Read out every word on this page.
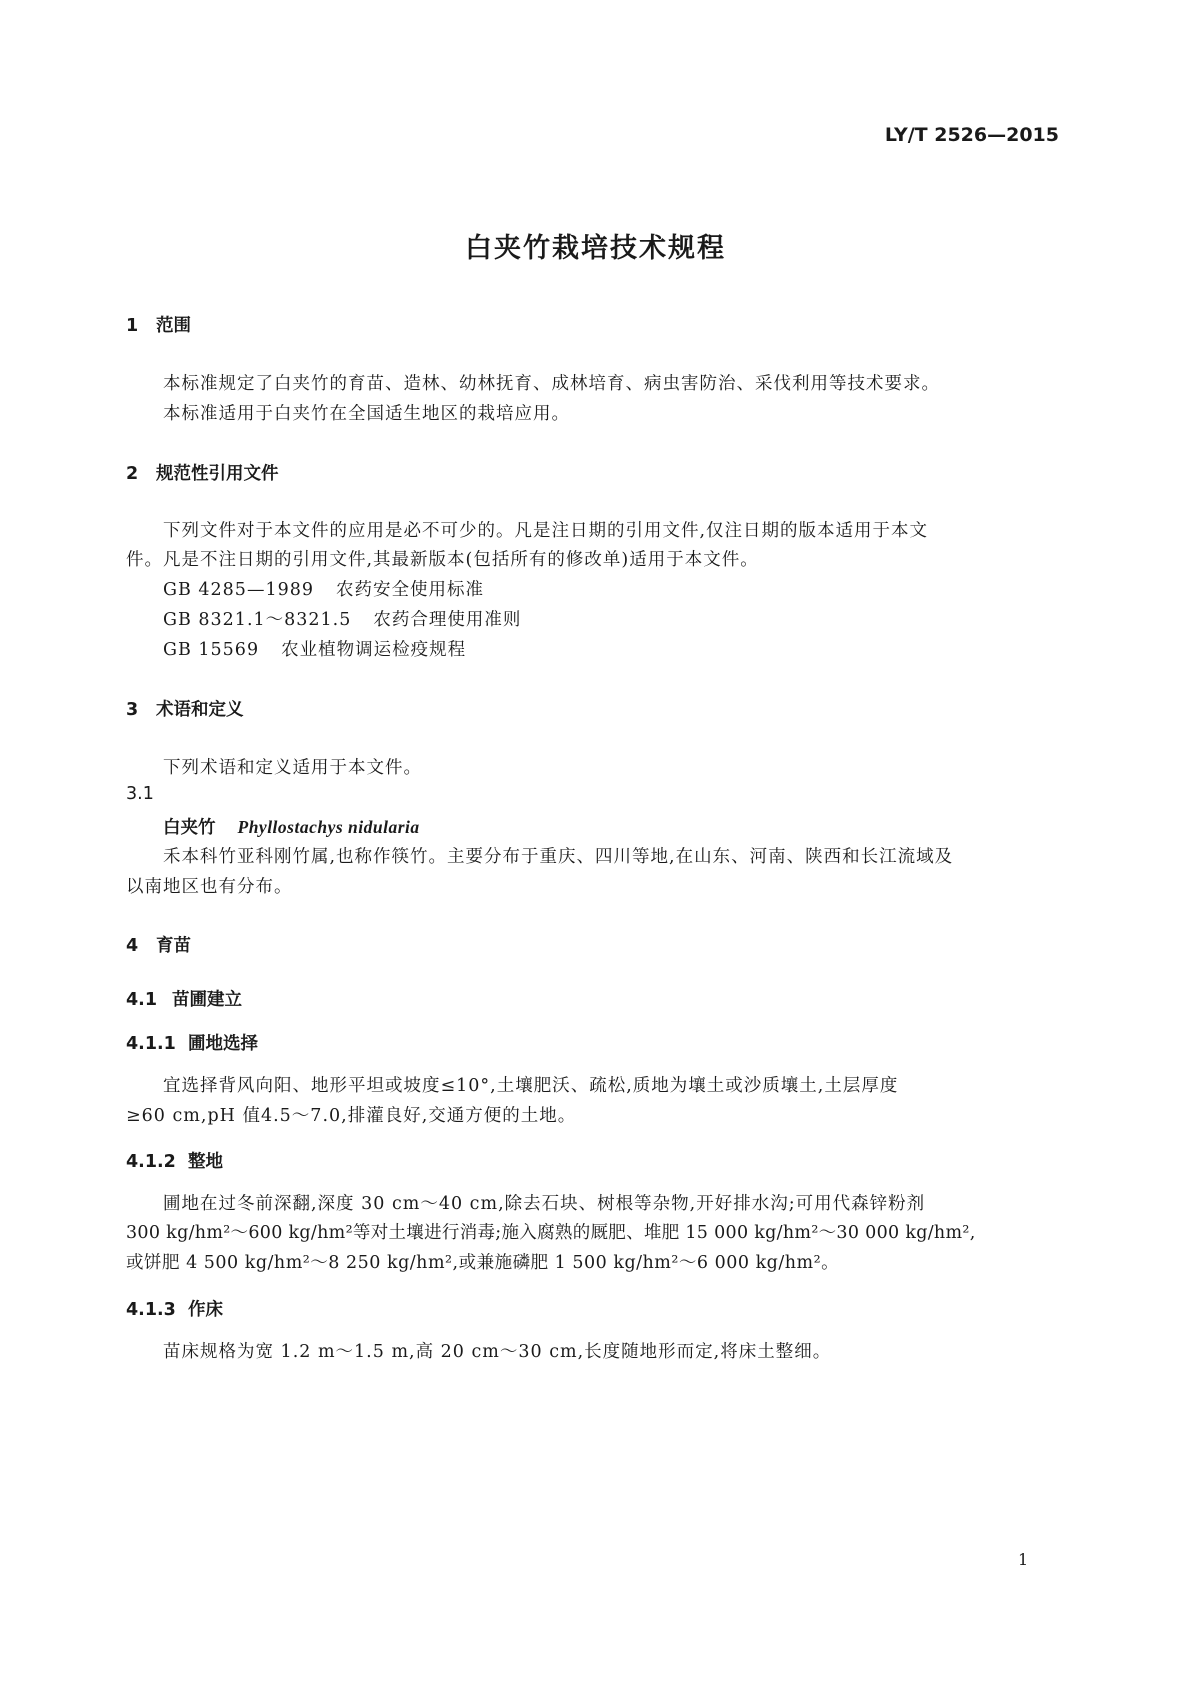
LY/T 2526—2015
白夹竹栽培技术规程
1 范围
本标准规定了白夹竹的育苗、造林、幼林抚育、成林培育、病虫害防治、采伐利用等技术要求。
本标准适用于白夹竹在全国适生地区的栽培应用。
2 规范性引用文件
下列文件对于本文件的应用是必不可少的。凡是注日期的引用文件,仅注日期的版本适用于本文
件。凡是不注日期的引用文件,其最新版本(包括所有的修改单)适用于本文件。
GB 4285—1989 农药安全使用标准
GB 8321.1～8321.5 农药合理使用准则
GB 15569 农业植物调运检疫规程
3 术语和定义
下列术语和定义适用于本文件。
3.1
白夹竹 Phyllostachys nidularia
禾本科竹亚科刚竹属,也称作筷竹。主要分布于重庆、四川等地,在山东、河南、陕西和长江流域及
以南地区也有分布。
4 育苗
4.1 苗圃建立
4.1.1 圃地选择
宜选择背风向阳、地形平坦或坡度≤10°,土壤肥沃、疏松,质地为壤土或沙质壤土,土层厚度
≥60 cm,pH 值4.5～7.0,排灌良好,交通方便的土地。
4.1.2 整地
圃地在过冬前深翻,深度 30 cm～40 cm,除去石块、树根等杂物,开好排水沟;可用代森锌粉剂
300 kg/hm²～600 kg/hm²等对土壤进行消毒;施入腐熟的厩肥、堆肥 15 000 kg/hm²～30 000 kg/hm²,
或饼肥 4 500 kg/hm²～8 250 kg/hm²,或兼施磷肥 1 500 kg/hm²～6 000 kg/hm²。
4.1.3 作床
苗床规格为宽 1.2 m～1.5 m,高 20 cm～30 cm,长度随地形而定,将床土整细。
1
